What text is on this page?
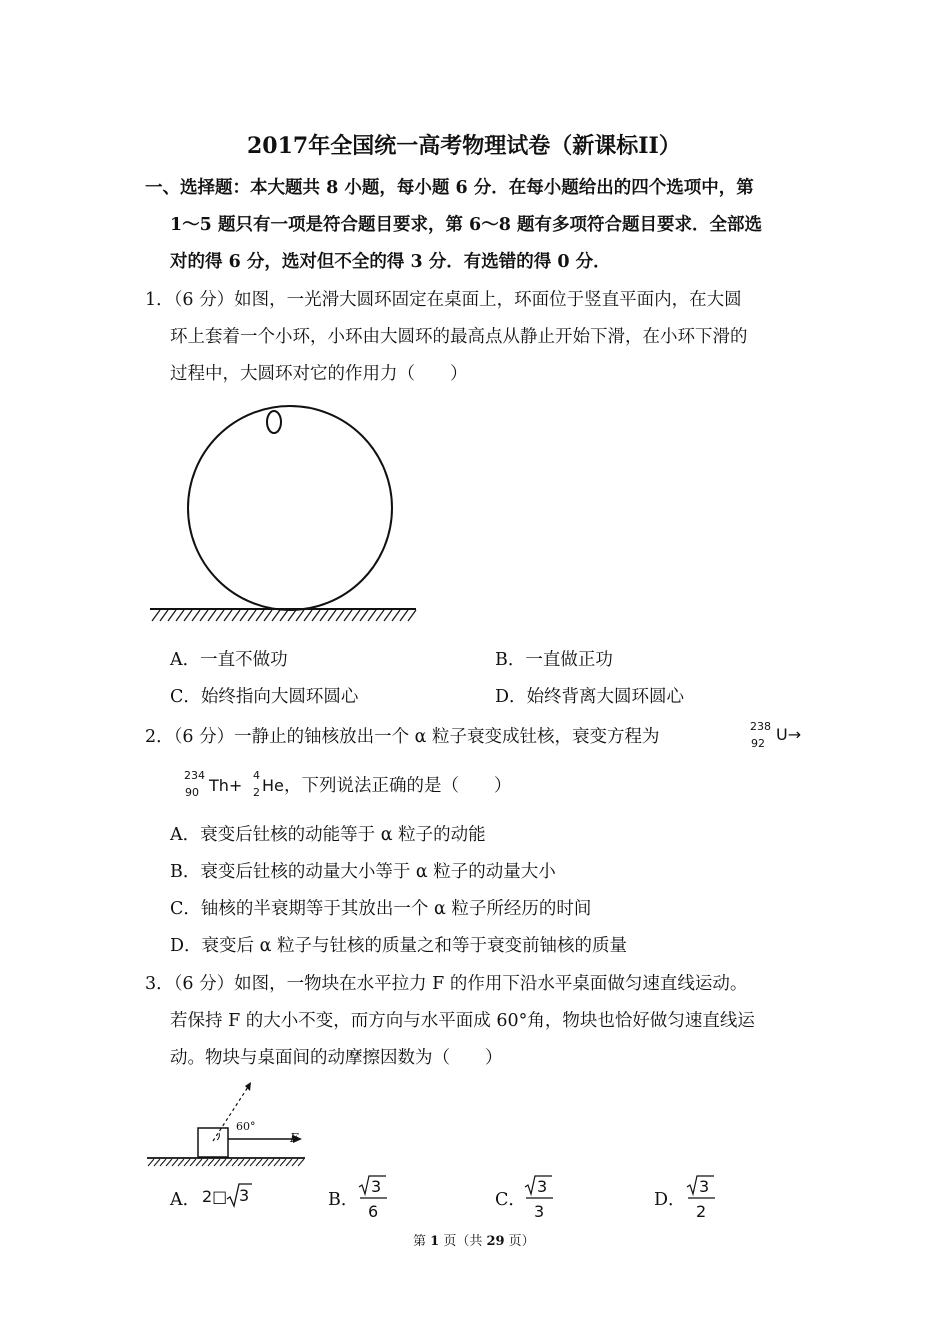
2017年全国统一高考物理试卷（新课标II）
一、选择题：本大题共 8 小题，每小题 6 分．在每小题给出的四个选项中，第
1～5 题只有一项是符合题目要求，第 6～8 题有多项符合题目要求．全部选
对的得 6 分，选对但不全的得 3 分．有选错的得 0 分．
1．（6 分）如图，一光滑大圆环固定在桌面上，环面位于竖直平面内，在大圆
环上套着一个小环，小环由大圆环的最高点从静止开始下滑，在小环下滑的
过程中，大圆环对它的作用力（　　）
A．一直不做功	B．一直做正功
C．始终指向大圆环圆心	D．始终背离大圆环圆心
2．（6 分）一静止的铀核放出一个 α 粒子衰变成钍核，衰变方程为
238
92 U→
234
90 Th+
4
2 He ，下列说法正确的是（　　）
A．衰变后钍核的动能等于 α 粒子的动能
B．衰变后钍核的动量大小等于 α 粒子的动量大小
C．铀核的半衰期等于其放出一个 α 粒子所经历的时间
D．衰变后 α 粒子与钍核的质量之和等于衰变前铀核的质量
3．（6 分）如图，一物块在水平拉力 F 的作用下沿水平桌面做匀速直线运动。
若保持 F 的大小不变，而方向与水平面成 60°角，物块也恰好做匀速直线运
动。物块与桌面间的动摩擦因数为（　　）
60°
F
A． 2□ 3	B．
3
6
C．
3
3
D．
3
2
第 1 页（共 29 页）
